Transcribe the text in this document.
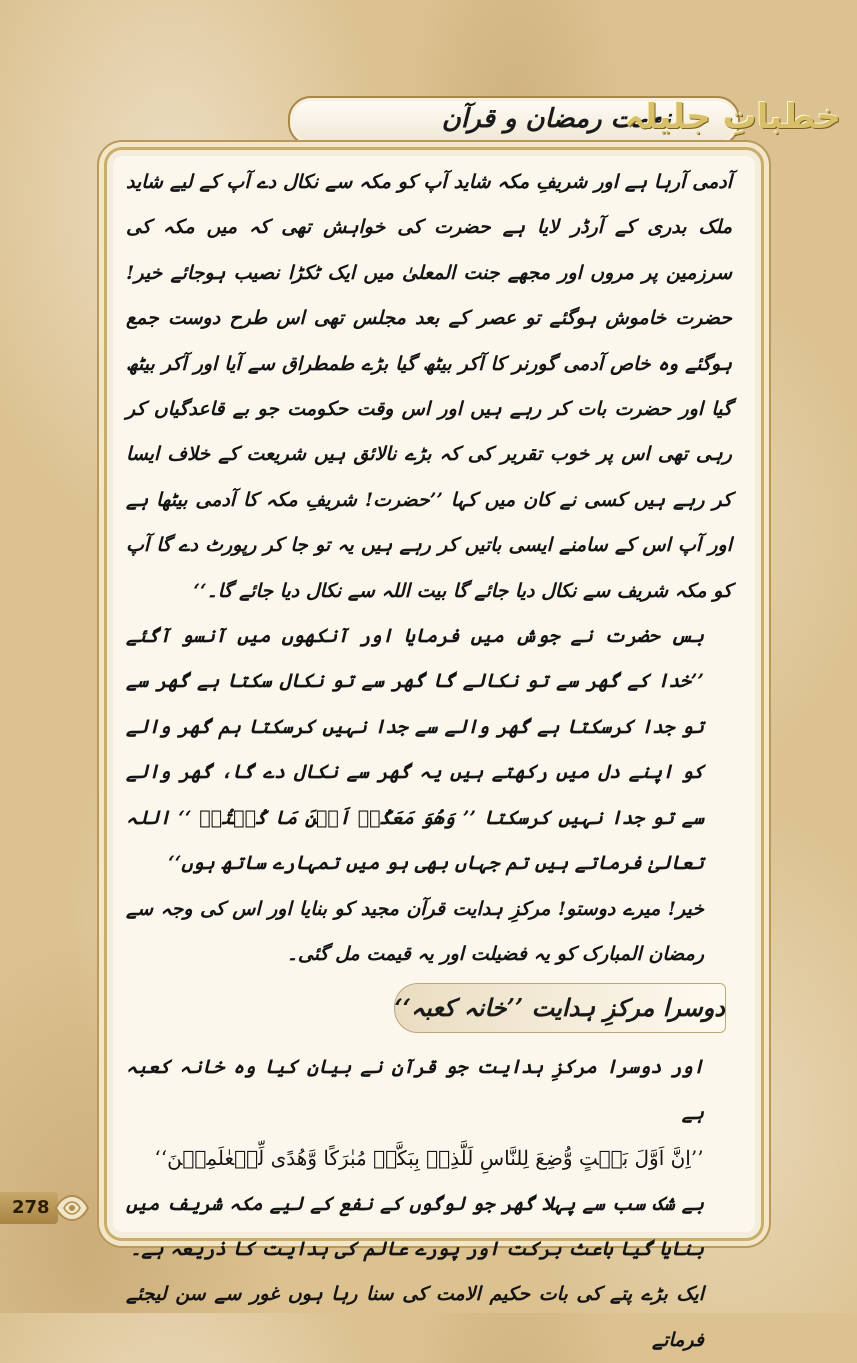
نعمت رمضان و قرآن
خطباتِ جلیلہ

آدمی آرہا ہے اور شریفِ مکہ شاید آپ کو مکہ سے نکال دے آپ کے لیے شاید ملک بدری کے آرڈر لایا ہے حضرت کی خواہش تھی کہ میں مکہ کی سرزمین پر مروں اور مجھے جنت المعلیٰ میں ایک ٹکڑا نصیب ہوجائے خیر! حضرت خاموش ہوگئے تو عصر کے بعد مجلس تھی اس طرح دوست جمع ہوگئے وہ خاص آدمی گورنر کا آکر بیٹھ گیا بڑے طمطراق سے آیا اور آکر بیٹھ گیا اور حضرت بات کر رہے ہیں اور اس وقت حکومت جو بے قاعدگیاں کر رہی تھی اس پر خوب تقریر کی کہ بڑے نالائق ہیں شریعت کے خلاف ایسا کر رہے ہیں کسی نے کان میں کہا ’’حضرت! شریفِ مکہ کا آدمی بیٹھا ہے اور آپ اس کے سامنے ایسی باتیں کر رہے ہیں یہ تو جا کر رپورٹ دے گا آپ کو مکہ شریف سے نکال دیا جائے گا بیت اللہ سے نکال دیا جائے گا۔‘‘

بس حضرت نے جوش میں فرمایا اور آنکھوں میں آنسو آگئے ’’خدا کے گھر سے تو نکالے گا گھر سے تو نکال سکتا ہے گھر سے تو جدا کرسکتا ہے گھر والے سے جدا نہیں کرسکتا ہم گھر والے کو اپنے دل میں رکھتے ہیں یہ گھر سے نکال دے گا، گھر والے سے تو جدا نہیں کرسکتا ’’ وَھُوَ مَعَکُمۡ اَیۡنَ مَا کُنۡتُمۡ ‘‘ اللہ تعالیٰ فرماتے ہیں تم جہاں بھی ہو میں تمہارے ساتھ ہوں‘‘

خیر! میرے دوستو! مرکزِ ہدایت قرآن مجید کو بنایا اور اس کی وجہ سے رمضان المبارک کو یہ فضیلت اور یہ قیمت مل گئی۔

دوسرا مرکزِ ہدایت ’’خانہ کعبہ‘‘

اور دوسرا مرکزِ ہدایت جو قرآن نے بیان کیا وہ خانہ کعبہ ہے

’’اِنَّ اَوَّلَ بَیۡتٍ وُّضِعَ لِلنَّاسِ لَلَّذِیۡ بِبَکَّۃَ مُبٰرَکًا وَّھُدًی لِّلۡعٰلَمِیۡنَ‘‘

بے شک سب سے پہلا گھر جو لوگوں کے نفع کے لیے مکہ شریف میں بنایا گیا باعث برکت اور پورے عالم کی ہدایت کا ذریعہ ہے۔

ایک بڑے پتے کی بات حکیم الامت کی سنا رہا ہوں غور سے سن لیجئے فرماتے

278
